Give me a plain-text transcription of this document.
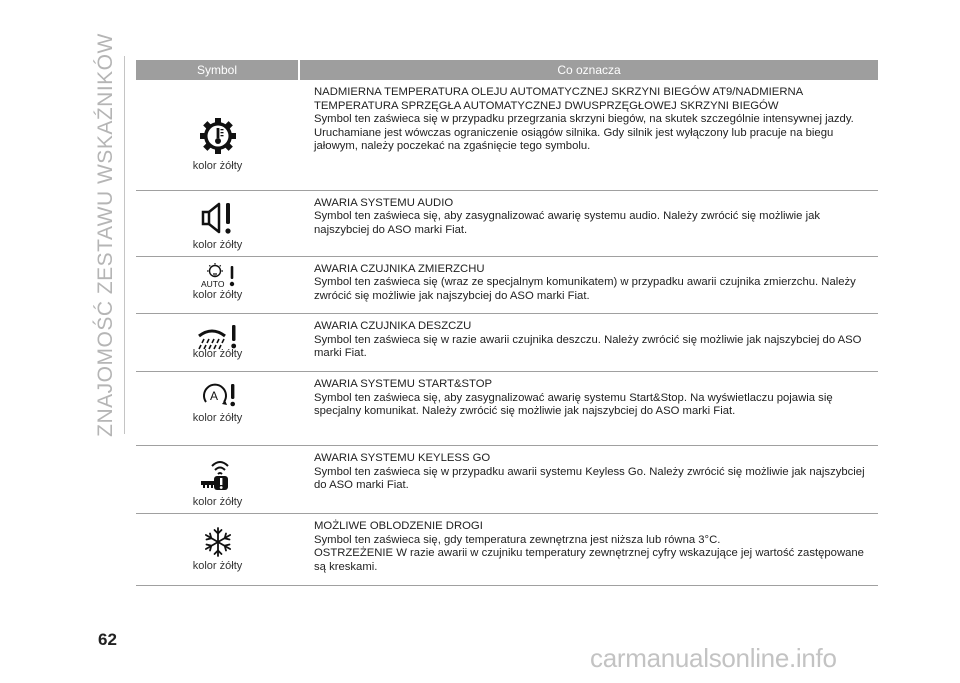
ZNAJOMOŚĆ ZESTAWU WSKAŹNIKÓW	Symbol	Co oznacza

kolor żółty	NADMIERNA TEMPERATURA OLEJU AUTOMATYCZNEJ SKRZYNI BIEGÓW AT9/NADMIERNA TEMPERATURA SPRZĘGŁA AUTOMATYCZNEJ DWUSPRZĘGŁOWEJ SKRZYNI BIEGÓW
Symbol ten zaświeca się w przypadku przegrzania skrzyni biegów, na skutek szczególnie intensywnej jazdy. Uruchamiane jest wówczas ograniczenie osiągów silnika. Gdy silnik jest wyłączony lub pracuje na biegu jałowym, należy poczekać na zgaśnięcie tego symbolu.

kolor żółty	AWARIA SYSTEMU AUDIO
Symbol ten zaświeca się, aby zasygnalizować awarię systemu audio. Należy zwrócić się możliwie jak najszybciej do ASO marki Fiat.

AUTO
kolor żółty	AWARIA CZUJNIKA ZMIERZCHU
Symbol ten zaświeca się (wraz ze specjalnym komunikatem) w przypadku awarii czujnika zmierzchu. Należy zwrócić się możliwie jak najszybciej do ASO marki Fiat.

kolor żółty	AWARIA CZUJNIKA DESZCZU
Symbol ten zaświeca się w razie awarii czujnika deszczu. Należy zwrócić się możliwie jak najszybciej do ASO marki Fiat.

A
kolor żółty	AWARIA SYSTEMU START&STOP
Symbol ten zaświeca się, aby zasygnalizować awarię systemu Start&Stop. Na wyświetlaczu pojawia się specjalny komunikat. Należy zwrócić się możliwie jak najszybciej do ASO marki Fiat.

kolor żółty	AWARIA SYSTEMU KEYLESS GO
Symbol ten zaświeca się w przypadku awarii systemu Keyless Go. Należy zwrócić się możliwie jak najszybciej do ASO marki Fiat.

kolor żółty	MOŻLIWE OBLODZENIE DROGI
Symbol ten zaświeca się, gdy temperatura zewnętrzna jest niższa lub równa 3°C.
OSTRZEŻENIE W razie awarii w czujniku temperatury zewnętrznej cyfry wskazujące jej wartość zastępowane są kreskami.
62
carmanualsonline.info
